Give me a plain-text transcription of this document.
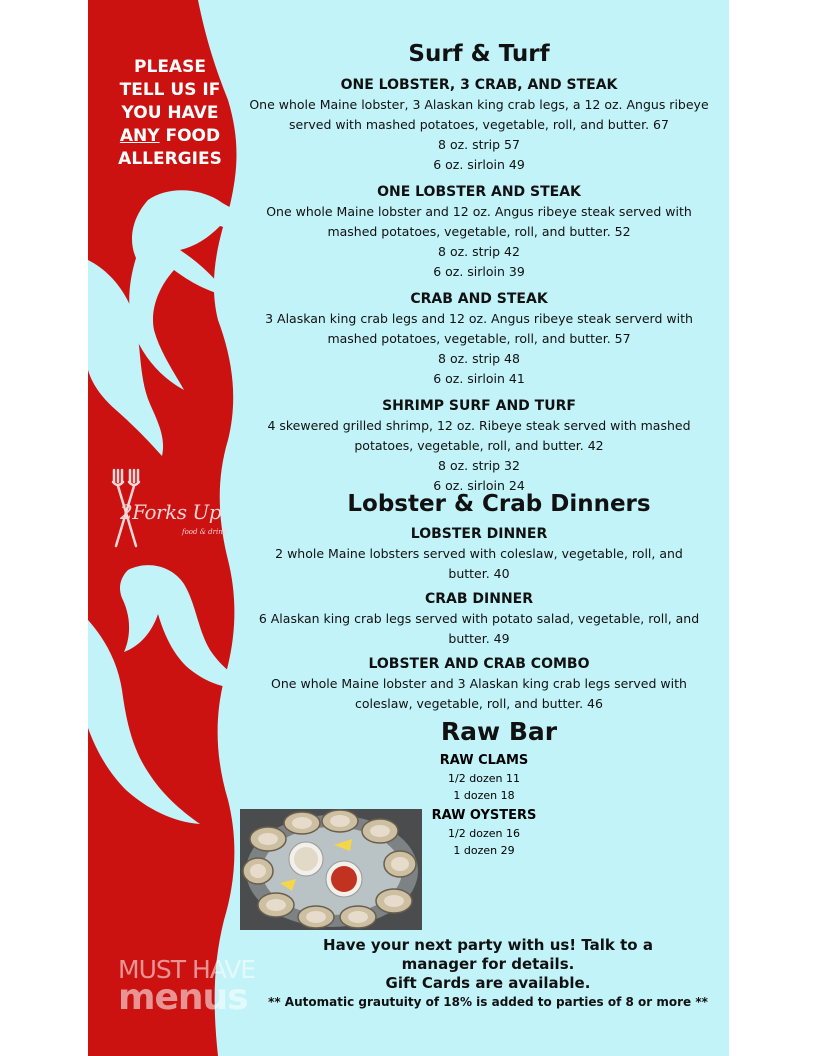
PLEASE
TELL US IF
YOU HAVE
ANY FOOD
ALLERGIES
2Forks Up
food & drink
MUST HAVE
menus
Surf & Turf
ONE LOBSTER, 3 CRAB, AND STEAK
One whole Maine lobster, 3 Alaskan king crab legs, a 12 oz. Angus ribeye served with mashed potatoes, vegetable, roll, and butter. 67
8 oz. strip 57
6 oz. sirloin 49
ONE LOBSTER AND STEAK
One whole Maine lobster and 12 oz. Angus ribeye steak served with mashed potatoes, vegetable, roll, and butter. 52
8 oz. strip 42
6 oz. sirloin 39
CRAB AND STEAK
3 Alaskan king crab legs and 12 oz. Angus ribeye steak serverd with mashed potatoes, vegetable, roll, and butter. 57
8 oz. strip 48
6 oz. sirloin 41
SHRIMP SURF AND TURF
4 skewered grilled shrimp, 12 oz. Ribeye steak served with mashed potatoes, vegetable, roll, and butter. 42
8 oz. strip 32
6 oz. sirloin 24
Lobster & Crab Dinners
LOBSTER DINNER
2 whole Maine lobsters served with coleslaw, vegetable, roll, and butter. 40
CRAB DINNER
6 Alaskan king crab legs served with potato salad, vegetable, roll, and butter. 49
LOBSTER AND CRAB COMBO
One whole Maine lobster and 3 Alaskan king crab legs served with coleslaw, vegetable, roll, and butter. 46
Raw Bar
RAW CLAMS
1/2 dozen 11
1 dozen 18
RAW OYSTERS
1/2 dozen 16
1 dozen 29
Have your next party with us! Talk to a
manager for details.
Gift Cards are available.
** Automatic grautuity of 18% is added to parties of 8 or more **
